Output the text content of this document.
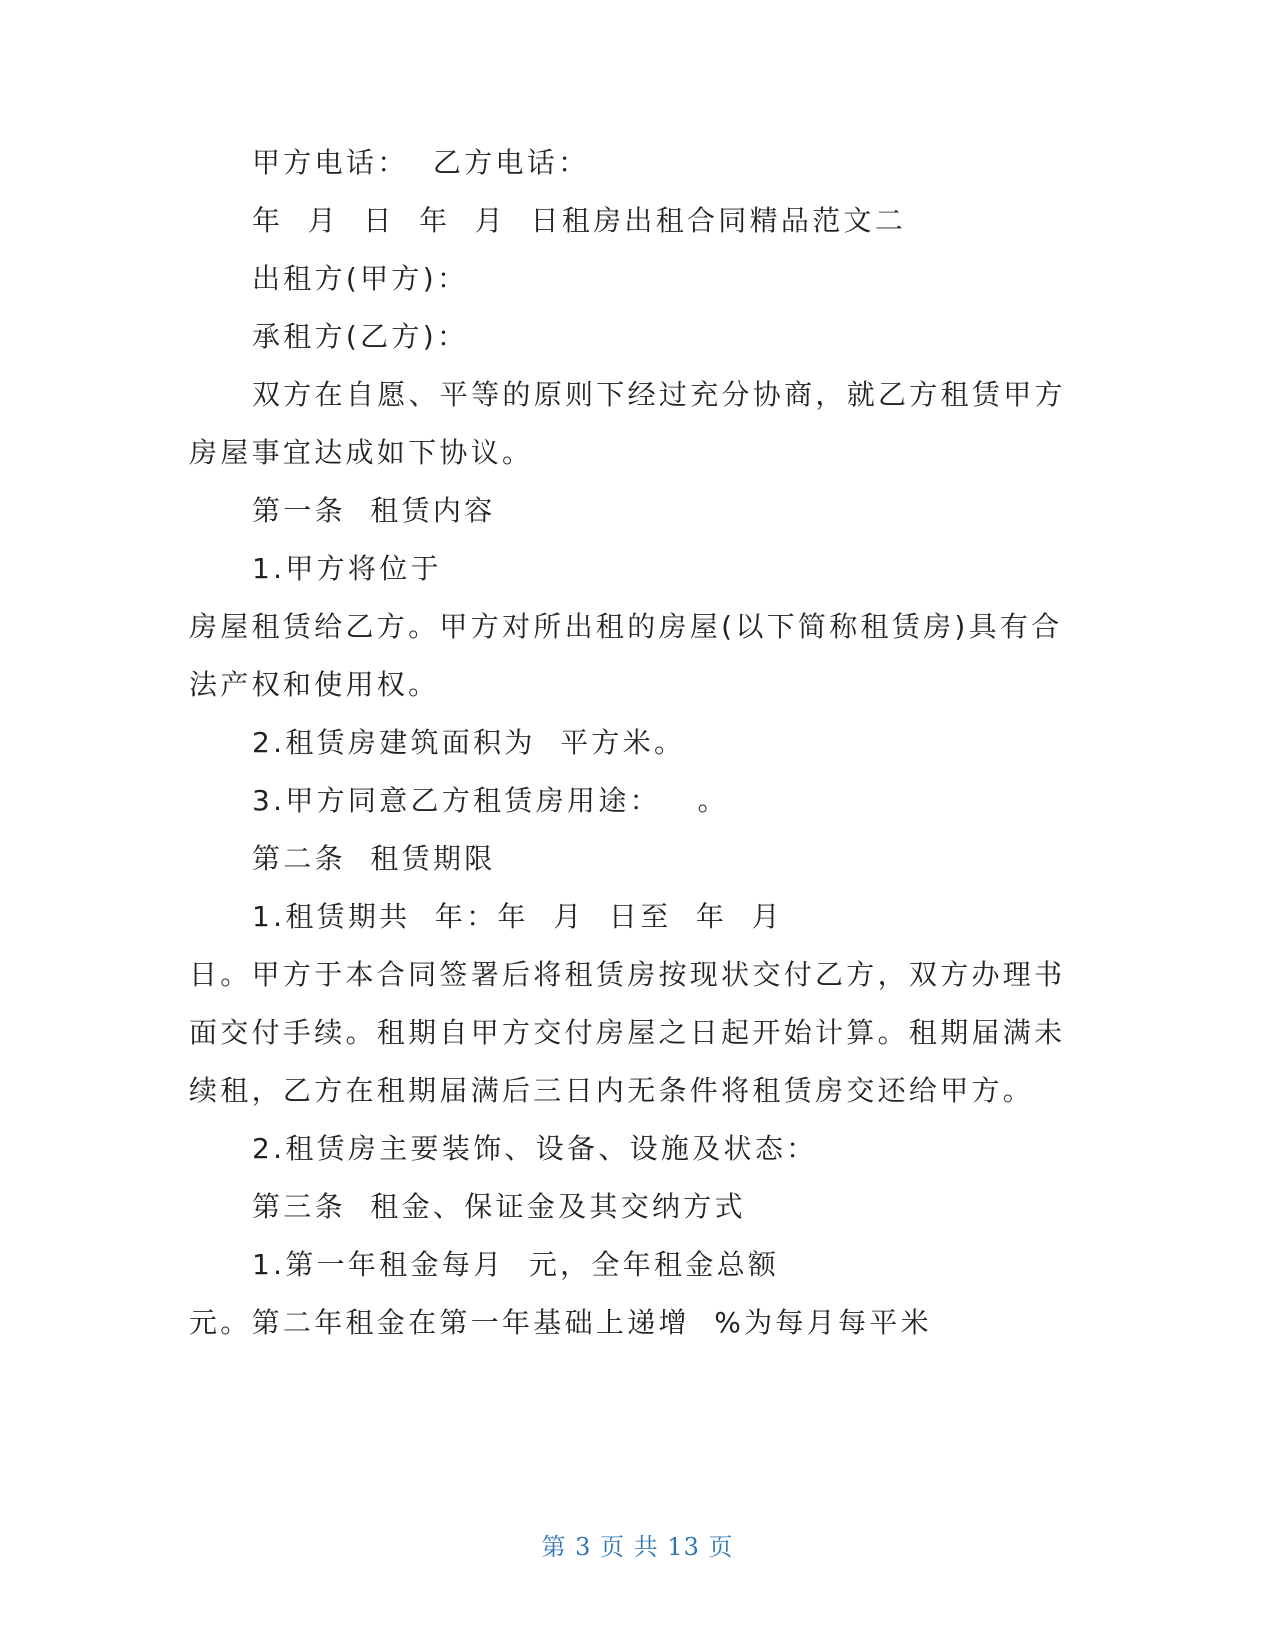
甲方电话：  乙方电话：
年  月  日  年  月  日租房出租合同精品范文二
出租方(甲方)：
承租方(乙方)：
双方在自愿、平等的原则下经过充分协商，就乙方租赁甲方
房屋事宜达成如下协议。
第一条  租赁内容
1.甲方将位于
房屋租赁给乙方。甲方对所出租的房屋(以下简称租赁房)具有合
法产权和使用权。
2.租赁房建筑面积为  平方米。
3.甲方同意乙方租赁房用途：   。
第二条  租赁期限
1.租赁期共  年：年  月  日至  年  月
日。甲方于本合同签署后将租赁房按现状交付乙方，双方办理书
面交付手续。租期自甲方交付房屋之日起开始计算。租期届满未
续租，乙方在租期届满后三日内无条件将租赁房交还给甲方。
2.租赁房主要装饰、设备、设施及状态：
第三条  租金、保证金及其交纳方式
1.第一年租金每月  元，全年租金总额
元。第二年租金在第一年基础上递增  %为每月每平米
第 3 页 共 13 页
